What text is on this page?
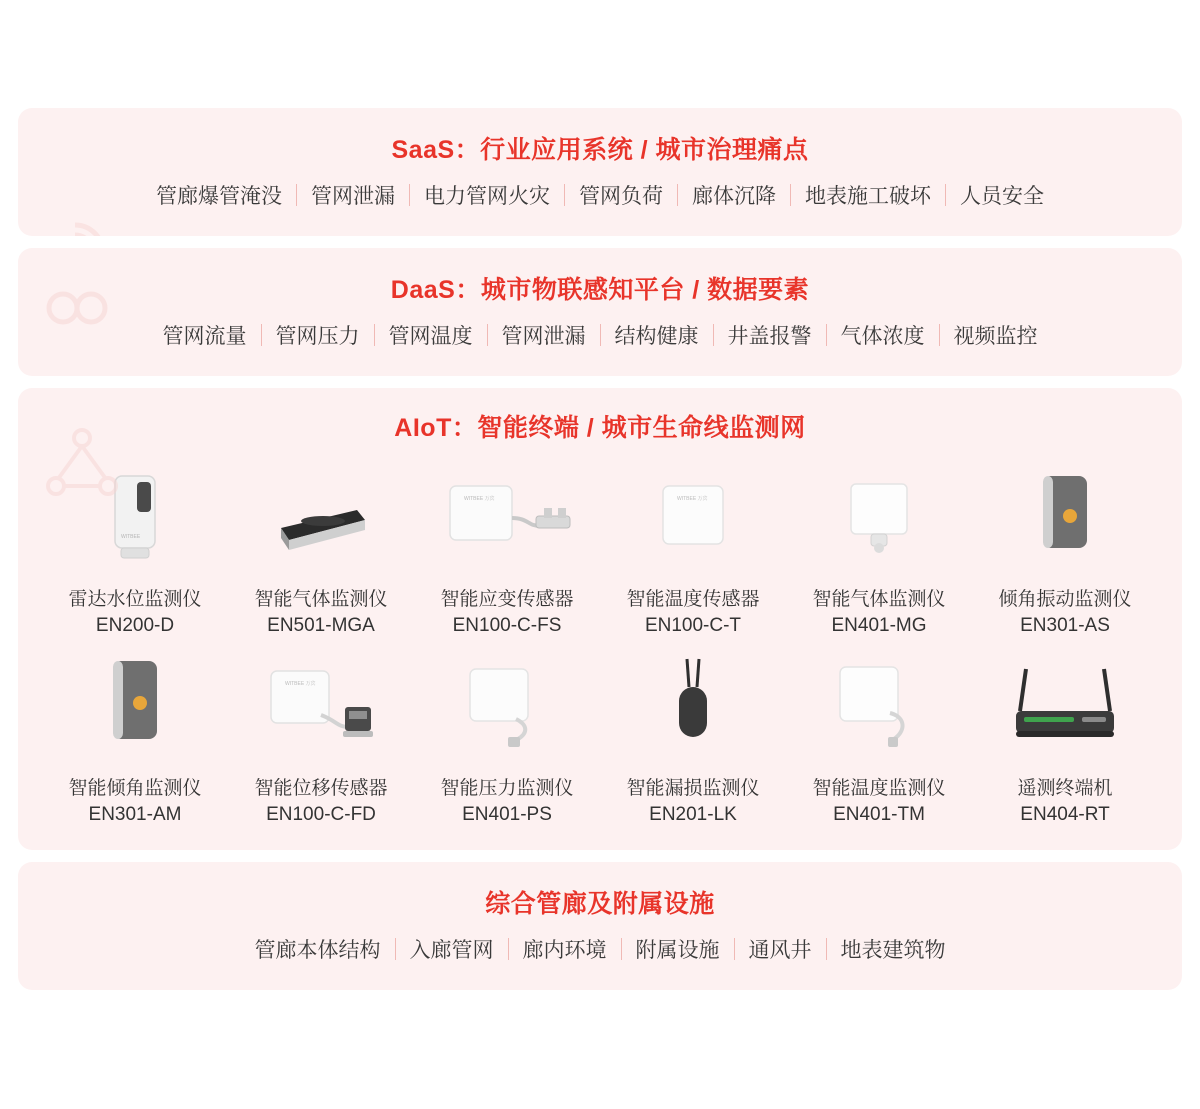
SaaS：行业应用系统 / 城市治理痛点
管廊爆管淹没	管网泄漏	电力管网火灾	管网负荷	廊体沉降	地表施工破坏	人员安全
DaaS：城市物联感知平台 / 数据要素
管网流量	管网压力	管网温度	管网泄漏	结构健康	井盖报警	气体浓度	视频监控
AIoT：智能终端 / 城市生命线监测网
WITBEE
雷达水位监测仪
EN200-D
智能气体监测仪
EN501-MGA
WITBEE 万宾
智能应变传感器
EN100-C-FS
WITBEE 万宾
智能温度传感器
EN100-C-T
智能气体监测仪
EN401-MG
倾角振动监测仪
EN301-AS
智能倾角监测仪
EN301-AM
WITBEE 万宾
智能位移传感器
EN100-C-FD
智能压力监测仪
EN401-PS
智能漏损监测仪
EN201-LK
智能温度监测仪
EN401-TM
遥测终端机
EN404-RT
综合管廊及附属设施
管廊本体结构	入廊管网	廊内环境	附属设施	通风井	地表建筑物
